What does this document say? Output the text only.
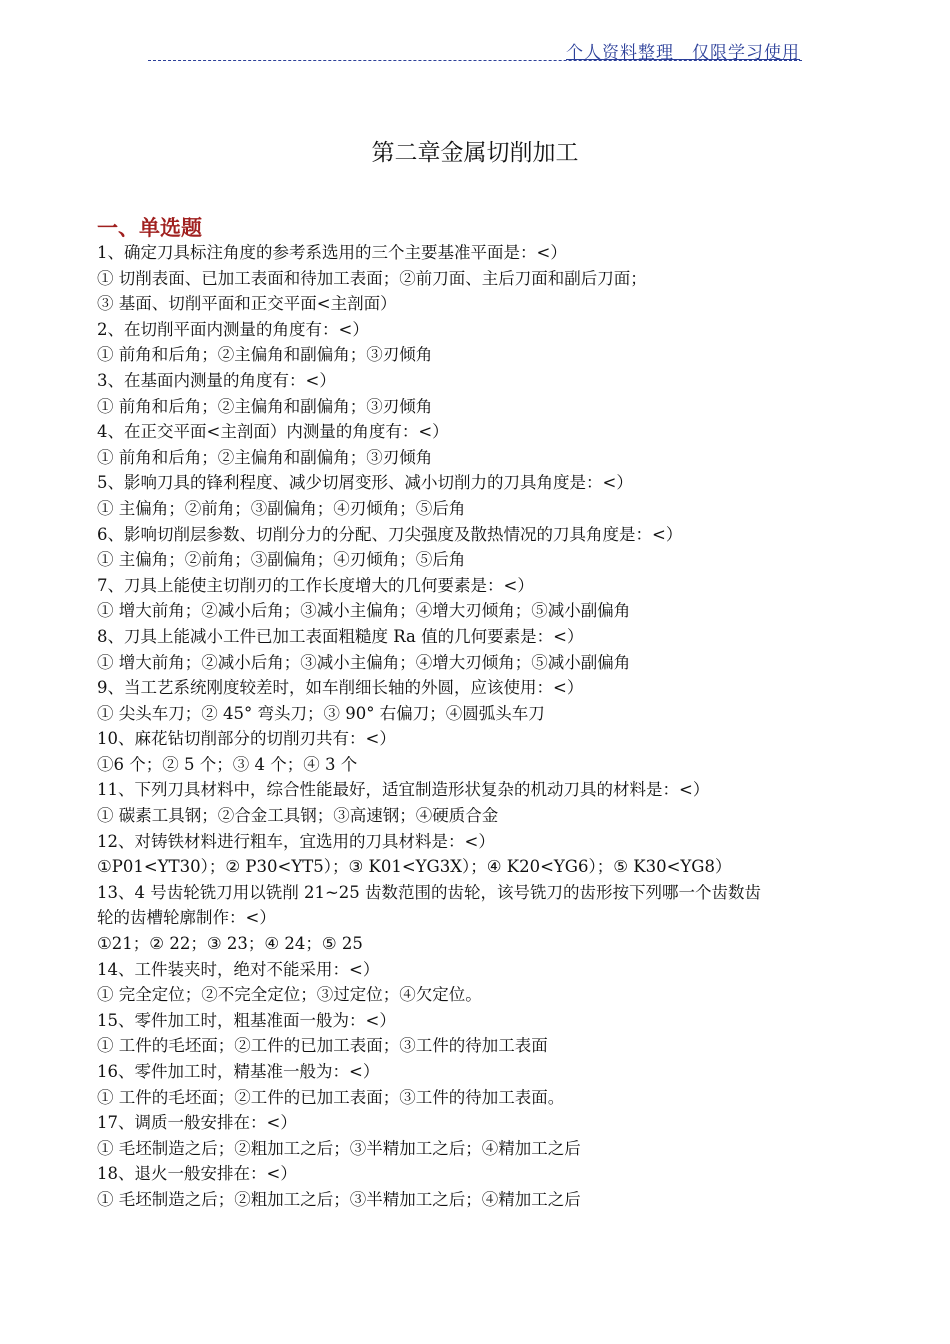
个人资料整理　仅限学习使用
第二章金属切削加工
一、单选题
1、确定刀具标注角度的参考系选用的三个主要基准平面是：<）
① 切削表面、已加工表面和待加工表面；②前刀面、主后刀面和副后刀面；
③ 基面、切削平面和正交平面<主剖面）
2、在切削平面内测量的角度有：<）
① 前角和后角；②主偏角和副偏角；③刃倾角
3、在基面内测量的角度有：<）
① 前角和后角；②主偏角和副偏角；③刃倾角
4、在正交平面<主剖面）内测量的角度有：<）
① 前角和后角；②主偏角和副偏角；③刃倾角
5、影响刀具的锋利程度、减少切屑变形、减小切削力的刀具角度是：<）
① 主偏角；②前角；③副偏角；④刃倾角；⑤后角
6、影响切削层参数、切削分力的分配、刀尖强度及散热情况的刀具角度是：<）
① 主偏角；②前角；③副偏角；④刃倾角；⑤后角
7、刀具上能使主切削刃的工作长度增大的几何要素是：<）
① 增大前角；②减小后角；③减小主偏角；④增大刃倾角；⑤减小副偏角
8、刀具上能减小工件已加工表面粗糙度 Ra 值的几何要素是：<）
① 增大前角；②减小后角；③减小主偏角；④增大刃倾角；⑤减小副偏角
9、当工艺系统刚度较差时，如车削细长轴的外圆，应该使用：<）
① 尖头车刀；② 45° 弯头刀；③ 90° 右偏刀；④圆弧头车刀
10、麻花钻切削部分的切削刃共有：<）
①6 个；② 5 个；③ 4 个；④ 3 个
11、下列刀具材料中，综合性能最好，适宜制造形状复杂的机动刀具的材料是：<）
① 碳素工具钢；②合金工具钢；③高速钢；④硬质合金
12、对铸铁材料进行粗车，宜选用的刀具材料是：<）
①P01<YT30）；② P30<YT5）；③ K01<YG3X）；④ K20<YG6）；⑤ K30<YG8）
13、4 号齿轮铣刀用以铣削 21~25 齿数范围的齿轮，该号铣刀的齿形按下列哪一个齿数齿
轮的齿槽轮廓制作：<）
①21；② 22；③ 23；④ 24；⑤ 25
14、工件装夹时，绝对不能采用：<）
① 完全定位；②不完全定位；③过定位；④欠定位。
15、零件加工时，粗基准面一般为：<）
① 工件的毛坯面；②工件的已加工表面；③工件的待加工表面
16、零件加工时，精基准一般为：<）
① 工件的毛坯面；②工件的已加工表面；③工件的待加工表面。
17、调质一般安排在：<）
① 毛坯制造之后；②粗加工之后；③半精加工之后；④精加工之后
18、退火一般安排在：<）
① 毛坯制造之后；②粗加工之后；③半精加工之后；④精加工之后
